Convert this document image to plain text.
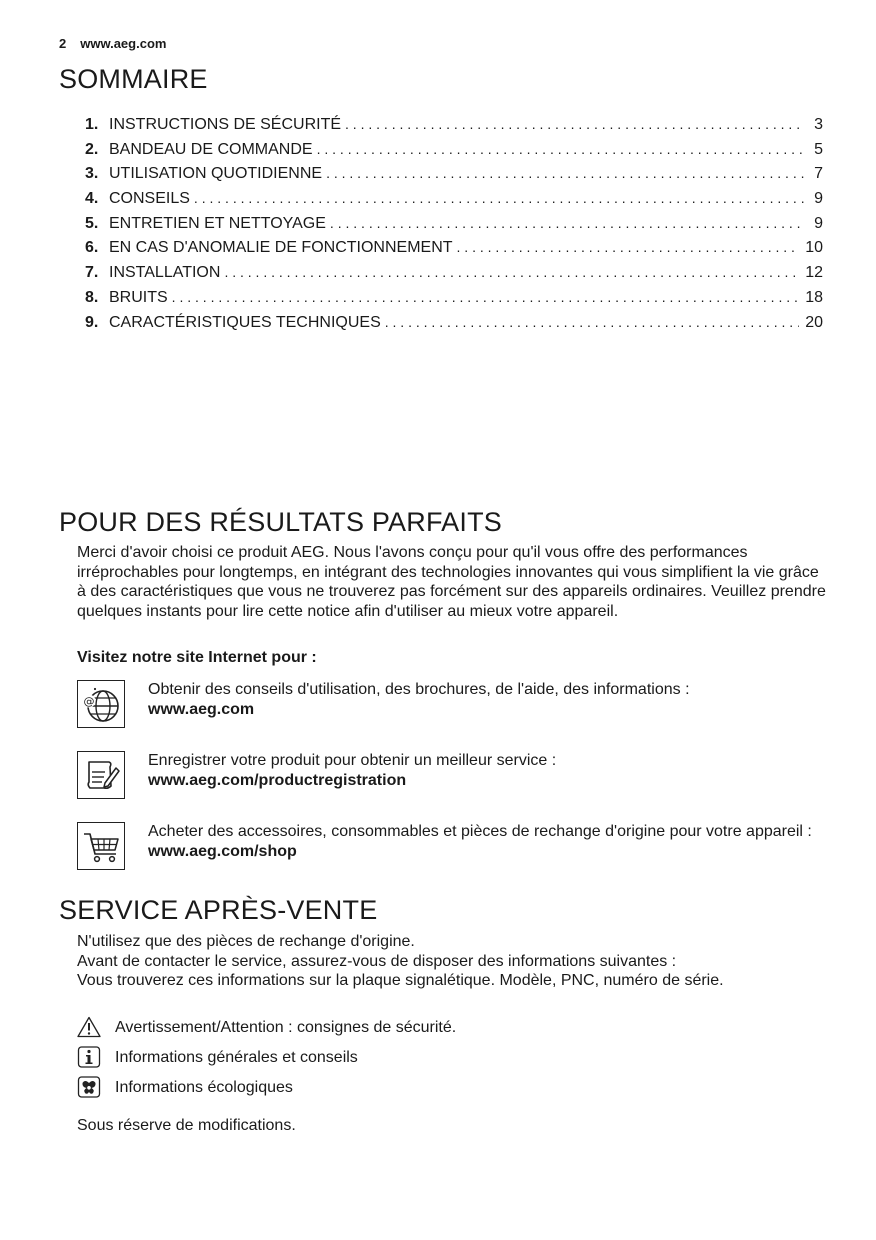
2 www.aeg.com
SOMMAIRE
1. INSTRUCTIONS DE SÉCURITÉ . . .	3
2. BANDEAU DE COMMANDE . . .	5
3. UTILISATION QUOTIDIENNE . . .	7
4. CONSEILS . . .	9
5. ENTRETIEN ET NETTOYAGE . . .	9
6. EN CAS D'ANOMALIE DE FONCTIONNEMENT . . .	10
7. INSTALLATION . . .	12
8. BRUITS . . .	18
9. CARACTÉRISTIQUES TECHNIQUES . . .	20
POUR DES RÉSULTATS PARFAITS
Merci d'avoir choisi ce produit AEG. Nous l'avons conçu pour qu'il vous offre des performances irréprochables pour longtemps, en intégrant des technologies innovantes qui vous simplifient la vie grâce à des caractéristiques que vous ne trouverez pas forcément sur des appareils ordinaires. Veuillez prendre quelques instants pour lire cette notice afin d'utiliser au mieux votre appareil.
Visitez notre site Internet pour :
@
Obtenir des conseils d'utilisation, des brochures, de l'aide, des informations :
www.aeg.com
Enregistrer votre produit pour obtenir un meilleur service :
www.aeg.com/productregistration
Acheter des accessoires, consommables et pièces de rechange d'origine pour votre appareil :
www.aeg.com/shop
SERVICE APRÈS-VENTE
N'utilisez que des pièces de rechange d'origine.
Avant de contacter le service, assurez-vous de disposer des informations suivantes :
Vous trouverez ces informations sur la plaque signalétique. Modèle, PNC, numéro de série.
Avertissement/Attention : consignes de sécurité.
Informations générales et conseils
Informations écologiques
Sous réserve de modifications.
